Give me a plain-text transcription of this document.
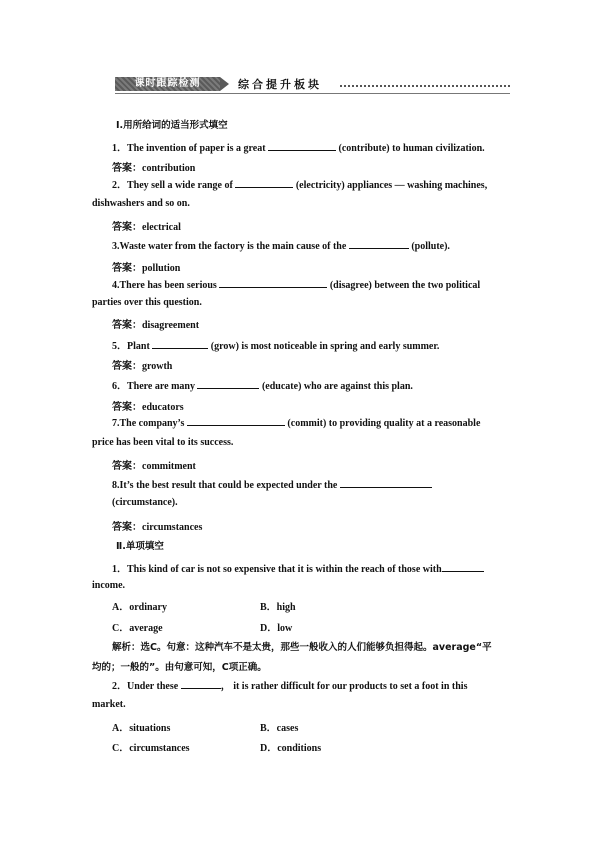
课时跟踪检测	综合提升板块
Ⅰ.用所给词的适当形式填空
1．The invention of paper is a great	(contribute) to human civilization.
答案：contribution
2．They sell a wide range of	(electricity) appliances — washing machines,
dishwashers and so on.
答案：electrical
3.Waste water from the factory is the main cause of the	(pollute).
答案：pollution
4.There has been serious	(disagree) between the two political
parties over this question.
答案：disagreement
5．Plant	(grow) is most noticeable in spring and early summer.
答案：growth
6．There are many	(educate) who are against this plan.
答案：educators
7.The company’s	(commit) to providing quality at a reasonable
price has been vital to its success.
答案：commitment
8.It’s the best result that could be expected under the
(circumstance).
答案：circumstances
Ⅱ.单项填空
1．This kind of car is not so expensive that it is within the reach of those with
income.
A．ordinary	B．high
C．average	D．low
解析：选C。句意：这种汽车不是太贵，那些一般收入的人们能够负担得起。average“平
均的；一般的”。由句意可知，C项正确。
2．Under these	， it is rather difficult for our products to set a foot in this
market.
A．situations	B．cases
C．circumstances	D．conditions
